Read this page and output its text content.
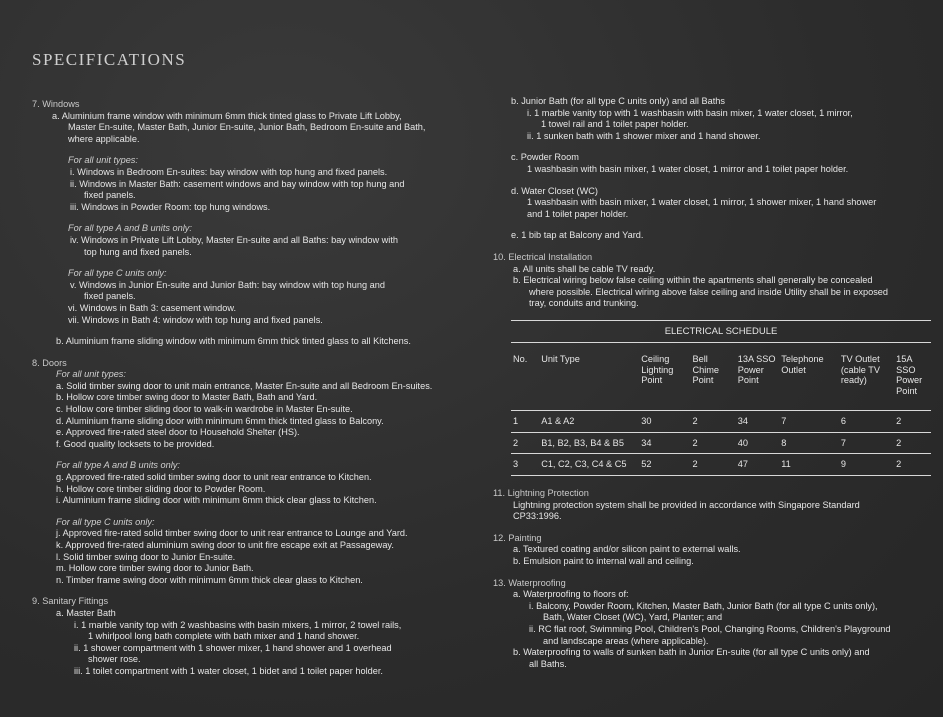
SPECIFICATIONS
7. Windows
a. Aluminium frame window with minimum 6mm thick tinted glass to Private Lift Lobby,
Master En-suite, Master Bath, Junior En-suite, Junior Bath, Bedroom En-suite and Bath,
where applicable.
For all unit types:
i. Windows in Bedroom En-suites: bay window with top hung and fixed panels.
ii. Windows in Master Bath: casement windows and bay window with top hung and
fixed panels.
iii. Windows in Powder Room: top hung windows.
For all type A and B units only:
iv. Windows in Private Lift Lobby, Master En-suite and all Baths: bay window with
top hung and fixed panels.
For all type C units only:
v. Windows in Junior En-suite and Junior Bath: bay window with top hung and
fixed panels.
vi. Windows in Bath 3: casement window.
vii. Windows in Bath 4: window with top hung and fixed panels.
b. Aluminium frame sliding window with minimum 6mm thick tinted glass to all Kitchens.
8. Doors
For all unit types:
a. Solid timber swing door to unit main entrance, Master En-suite and all Bedroom En-suites.
b. Hollow core timber swing door to Master Bath, Bath and Yard.
c. Hollow core timber sliding door to walk-in wardrobe in Master En-suite.
d. Aluminium frame sliding door with minimum 6mm thick tinted glass to Balcony.
e. Approved fire-rated steel door to Household Shelter (HS).
f. Good quality locksets to be provided.
For all type A and B units only:
g. Approved fire-rated solid timber swing door to unit rear entrance to Kitchen.
h. Hollow core timber sliding door to Powder Room.
i. Aluminium frame sliding door with minimum 6mm thick clear glass to Kitchen.
For all type C units only:
j. Approved fire-rated solid timber swing door to unit rear entrance to Lounge and Yard.
k. Approved fire-rated aluminium swing door to unit fire escape exit at Passageway.
l. Solid timber swing door to Junior En-suite.
m. Hollow core timber swing door to Junior Bath.
n. Timber frame swing door with minimum 6mm thick clear glass to Kitchen.
9. Sanitary Fittings
a. Master Bath
i. 1 marble vanity top with 2 washbasins with basin mixers, 1 mirror, 2 towel rails,
1 whirlpool long bath complete with bath mixer and 1 hand shower.
ii. 1 shower compartment with 1 shower mixer, 1 hand shower and 1 overhead
shower rose.
iii. 1 toilet compartment with 1 water closet, 1 bidet and 1 toilet paper holder.
b. Junior Bath (for all type C units only) and all Baths
i. 1 marble vanity top with 1 washbasin with basin mixer, 1 water closet, 1 mirror,
1 towel rail and 1 toilet paper holder.
ii. 1 sunken bath with 1 shower mixer and 1 hand shower.
c. Powder Room
1 washbasin with basin mixer, 1 water closet, 1 mirror and 1 toilet paper holder.
d. Water Closet (WC)
1 washbasin with basin mixer, 1 water closet, 1 mirror, 1 shower mixer, 1 hand shower
and 1 toilet paper holder.
e. 1 bib tap at Balcony and Yard.
10. Electrical Installation
a. All units shall be cable TV ready.
b. Electrical wiring below false ceiling within the apartments shall generally be concealed
where possible. Electrical wiring above false ceiling and inside Utility shall be in exposed
tray, conduits and trunking.
ELECTRICAL SCHEDULE
No.	Unit Type	Ceiling Lighting Point	Bell Chime Point	13A SSO Power Point	Telephone Outlet	TV Outlet (cable TV ready)	15A SSO Power Point
1	A1 & A2	30	2	34	7	6	2
2	B1, B2, B3, B4 & B5	34	2	40	8	7	2
3	C1, C2, C3, C4 & C5	52	2	47	11	9	2
11. Lightning Protection
Lightning protection system shall be provided in accordance with Singapore Standard
CP33:1996.
12. Painting
a. Textured coating and/or silicon paint to external walls.
b. Emulsion paint to internal wall and ceiling.
13. Waterproofing
a. Waterproofing to floors of:
i. Balcony, Powder Room, Kitchen, Master Bath, Junior Bath (for all type C units only),
Bath, Water Closet (WC), Yard, Planter; and
ii. RC flat roof, Swimming Pool, Children's Pool, Changing Rooms, Children's Playground
and landscape areas (where applicable).
b. Waterproofing to walls of sunken bath in Junior En-suite (for all type C units only) and
all Baths.
